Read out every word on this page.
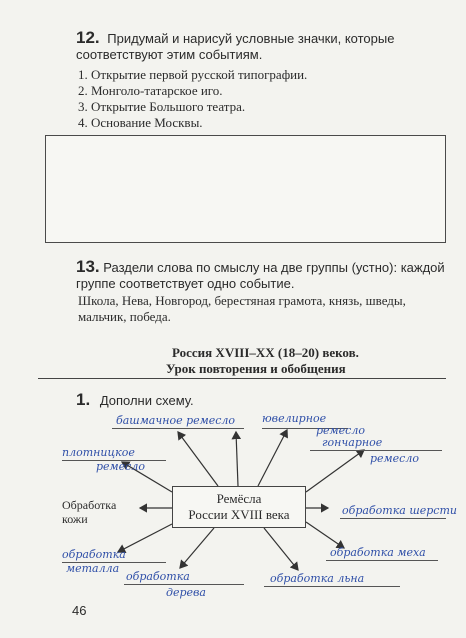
12. Придумай и нарисуй условные значки, которые соответствуют этим событиям.
1. Открытие первой русской типографии.
2. Монголо-татарское иго.
3. Открытие Большого театра.
4. Основание Москвы.
13. Раздели слова по смыслу на две группы (устно): каждой группе соответствует одно событие.
Школа, Нева, Новгород, берестяная грамота, князь, шведы, мальчик, победа.
Россия XVIII–XX (18–20) веков.
Урок повторения и обобщения
1. Дополни схему.
Ремёсла
России XVIII века
Обработка кожи
башмачное ремесло ювелирное
ремесло
гончарное
ремесло
плотницкое
ремесло
обработка шерсти
обработка меха
обработка
металла
обработка
дерева
обработка льна
46
